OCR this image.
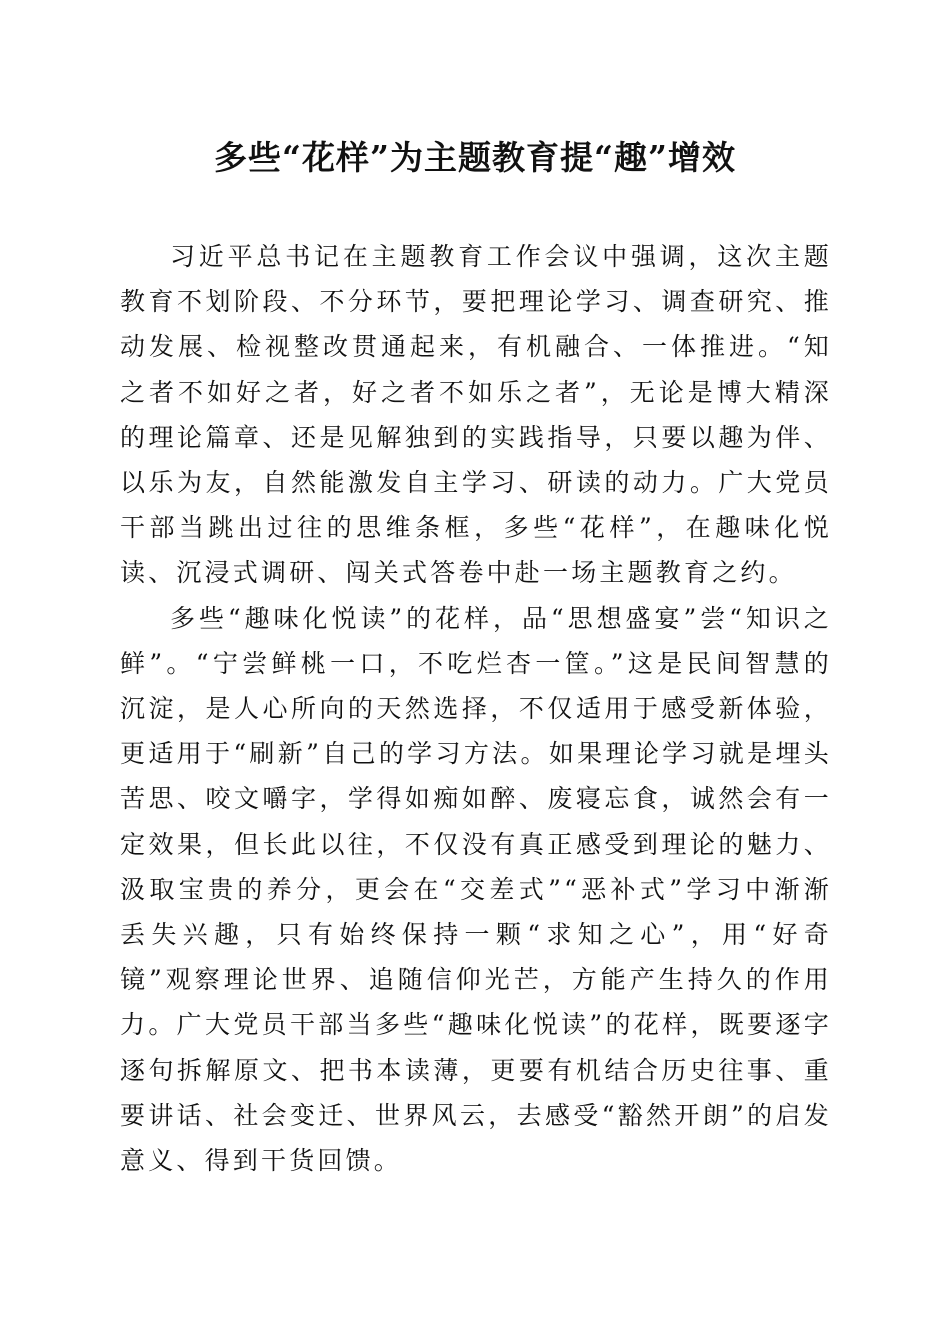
多些“花样”为主题教育提“趣”增效

习近平总书记在主题教育工作会议中强调，这次主题教育不划阶段、不分环节，要把理论学习、调查研究、推动发展、检视整改贯通起来，有机融合、一体推进。“知之者不如好之者，好之者不如乐之者”，无论是博大精深的理论篇章、还是见解独到的实践指导，只要以趣为伴、以乐为友，自然能激发自主学习、研读的动力。广大党员干部当跳出过往的思维条框，多些“花样”，在趣味化悦读、沉浸式调研、闯关式答卷中赴一场主题教育之约。

多些“趣味化悦读”的花样，品“思想盛宴”尝“知识之鲜”。“宁尝鲜桃一口，不吃烂杏一筐。”这是民间智慧的沉淀，是人心所向的天然选择，不仅适用于感受新体验，更适用于“刷新”自己的学习方法。如果理论学习就是埋头苦思、咬文嚼字，学得如痴如醉、废寝忘食，诚然会有一定效果，但长此以往，不仅没有真正感受到理论的魅力、汲取宝贵的养分，更会在“交差式”“恶补式”学习中渐渐丢失兴趣，只有始终保持一颗“求知之心”，用“好奇镜”观察理论世界、追随信仰光芒，方能产生持久的作用力。广大党员干部当多些“趣味化悦读”的花样，既要逐字逐句拆解原文、把书本读薄，更要有机结合历史往事、重要讲话、社会变迁、世界风云，去感受“豁然开朗”的启发意义、得到干货回馈。
